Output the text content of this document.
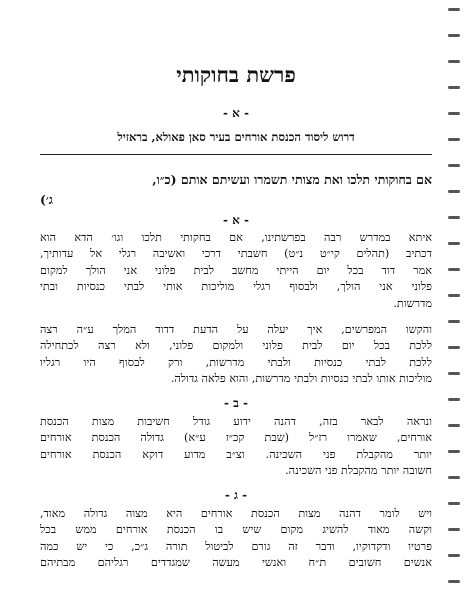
פרשת בחוקותי
- א -
דרוש ליסוד הכנסת אורחים בעיר סאן פאולא, בראזיל
אם בחוקותי תלכו ואת מצותי תשמרו ועשיתם אותם (כ״ו,
ג׳)
- א -
איתא במדרש רבה בפרשתינו, אם בחקותי תלכו וגו׳ הדא הוא
דכתיב (תהלים קי״ט נ״ט) חשבתי דרכי ואשיבה רגלי אל עדותיך,
אמר דוד בכל יום הייתי מחשב לבית פלוני אני הולך למקום
פלוני אני הולך, ולבסוף רגלי מוליכות אותי לבתי כנסיות ובתי
מדרשות.
והקשו המפרשים, איך יעלה על הדעת דדוד המלך ע״ה רצה
ללכת בכל יום לבית פלוני ולמקום פלוני, ולא רצה לכתחילה
ללכת לבתי כנסיות ולבתי מדרשות, ורק לבסוף היו רגליו
מוליכות אותו לבתי כנסיות ולבתי מדרשות, והוא פלאה גדולה.
- ב -
ונראה לבאר בזה, דהנה ידוע גודל חשיבות מצות הכנסת
אורחים, שאמרו רז״ל (שבת קכ״ז ע״א) גדולה הכנסת אורחים
יותר מהקבלת פני השכינה. וצ״ב מדוע דוקא הכנסת אורחים
חשובה יותר מהקבלת פני השכינה.
- ג -
ויש לומר דהנה מצות הכנסת אורחים היא מצוה גדולה מאוד,
וקשה מאוד להשיג מקום שיש בו הכנסת אורחים ממש בכל
פרטיו ודקדוקיו, ודבר זה גורם לביטול תורה ג״כ, כי יש כמה
אנשים חשובים ת״ח ואנשי מעשה שמגדדים רגליהם מבתיהם
